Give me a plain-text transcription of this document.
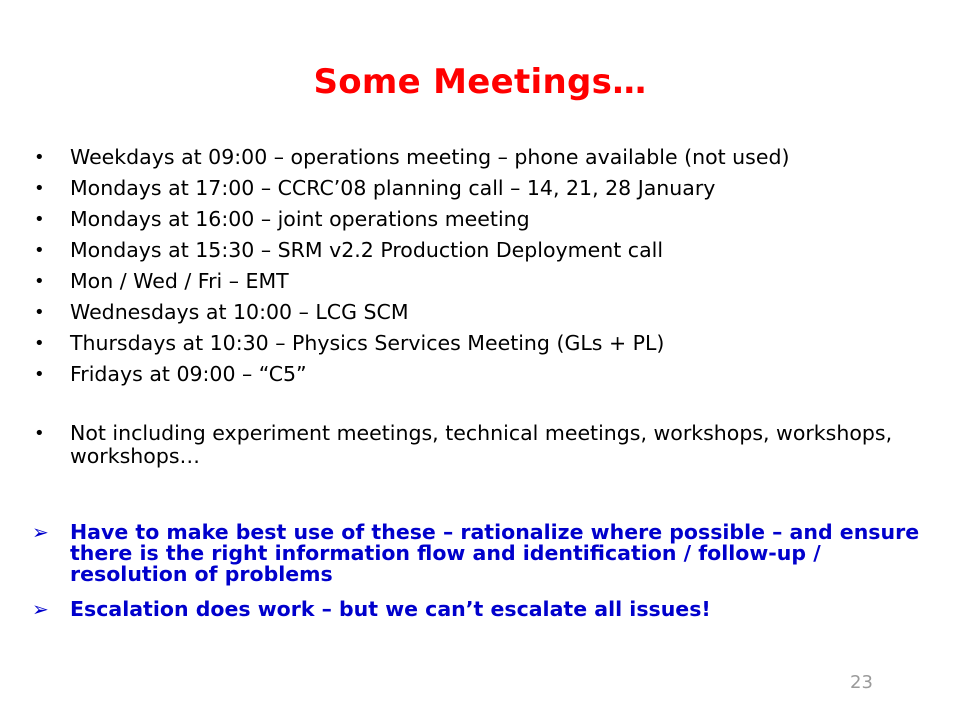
Some Meetings…
• Weekdays at 09:00 – operations meeting – phone available (not used)
• Mondays at 17:00 – CCRC’08 planning call – 14, 21, 28 January
• Mondays at 16:00 – joint operations meeting
• Mondays at 15:30 – SRM v2.2 Production Deployment call
• Mon / Wed / Fri – EMT
• Wednesdays at 10:00 – LCG SCM
• Thursdays at 10:30 – Physics Services Meeting (GLs + PL)
• Fridays at 09:00 – “C5”
• Not including experiment meetings, technical meetings, workshops, workshops, workshops…
➢ Have to make best use of these – rationalize where possible – and ensure there is the right information flow and identification / follow-up / resolution of problems
➢ Escalation does work – but we can’t escalate all issues!
23
